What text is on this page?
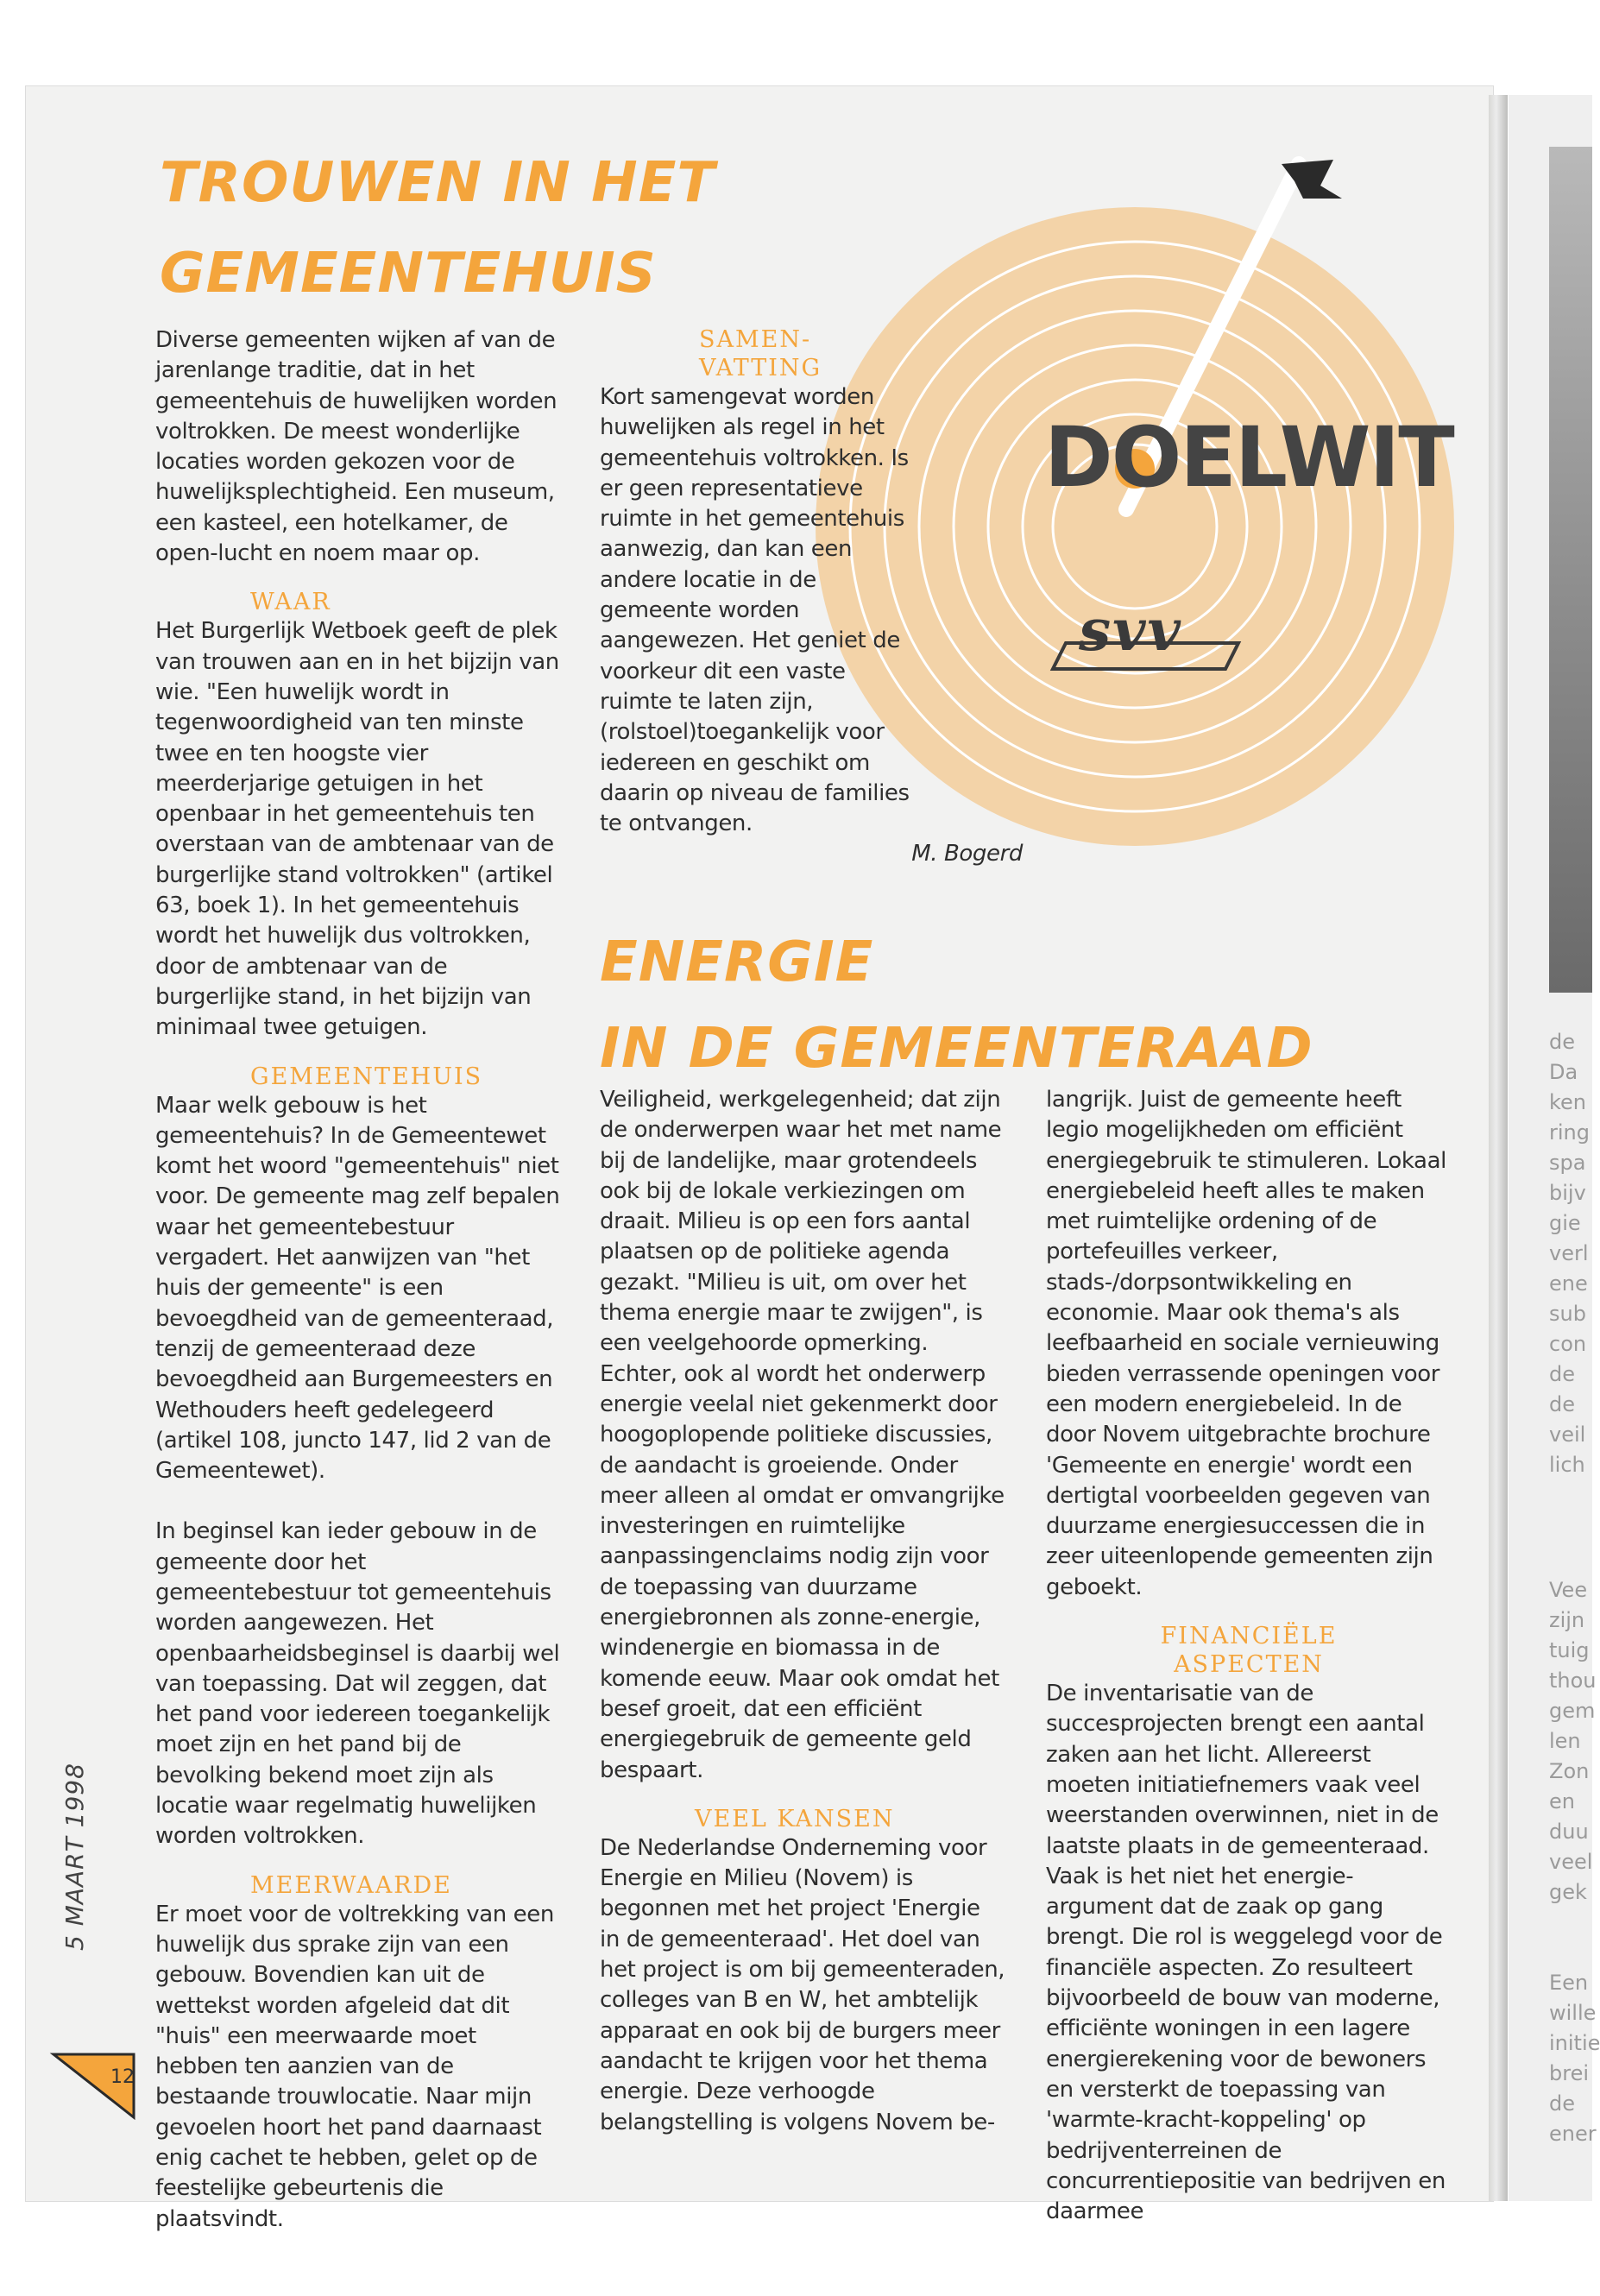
de
Da
ken
ring
spa
bijv
gie
verl
ene
sub
con
de
de
veil
lich
Vee
zijn
tuig
thou
gem
len
Zon
en
duu
veel
gek
Een
wille
initie
brei
de
ener
TROUWEN IN HET
GEMEENTEHUIS
DOELWIT
svv

Diverse gemeenten wijken af van de jarenlange traditie, dat in het gemeentehuis de huwelijken worden voltrokken. De meest wonderlijke locaties worden gekozen voor de huwelijksplechtigheid. Een museum, een kasteel, een hotelkamer, de open-lucht en noem maar op.

WAAR

Het Burgerlijk Wetboek geeft de plek van trouwen aan en in het bijzijn van wie. "Een huwelijk wordt in tegenwoordigheid van ten minste twee en ten hoogste vier meerderjarige getuigen in het openbaar in het gemeentehuis ten overstaan van de ambtenaar van de burgerlijke stand voltrokken" (artikel 63, boek 1). In het gemeentehuis wordt het huwelijk dus voltrokken, door de ambtenaar van de burgerlijke stand, in het bijzijn van minimaal twee getuigen.

GEMEENTEHUIS

Maar welk gebouw is het gemeentehuis? In de Gemeentewet komt het woord "gemeentehuis" niet voor. De gemeente mag zelf bepalen waar het gemeentebestuur vergadert. Het aanwijzen van "het huis der gemeente" is een bevoegdheid van de gemeenteraad, tenzij de gemeenteraad deze bevoegdheid aan Burgemeesters en Wethouders heeft gedelegeerd (artikel 108, juncto 147, lid 2 van de Gemeentewet).

In beginsel kan ieder gebouw in de gemeente door het gemeentebestuur tot gemeentehuis worden aangewezen. Het openbaarheidsbeginsel is daarbij wel van toepassing. Dat wil zeggen, dat het pand voor iedereen toegankelijk moet zijn en het pand bij de bevolking bekend moet zijn als locatie waar regelmatig huwelijken worden voltrokken.

MEERWAARDE

Er moet voor de voltrekking van een huwelijk dus sprake zijn van een gebouw. Bovendien kan uit de wettekst worden afgeleid dat dit "huis" een meerwaarde moet hebben ten aanzien van de bestaande trouwlocatie. Naar mijn gevoelen hoort het pand daarnaast enig cachet te hebben, gelet op de feestelijke gebeurtenis die plaatsvindt.

SAMEN-
VATTING

Kort samengevat worden huwelijken als regel in het gemeentehuis voltrokken. Is er geen representatieve ruimte in het gemeentehuis aanwezig, dan kan een andere locatie in de gemeente worden aangewezen. Het geniet de voorkeur dit een vaste ruimte te laten zijn, (rolstoel)toegankelijk voor iedereen en geschikt om daarin op niveau de families te ontvangen.

M. Bogerd

ENERGIE
IN DE GEMEENTERAAD

Veiligheid, werkgelegenheid; dat zijn de onderwerpen waar het met name bij de landelijke, maar grotendeels ook bij de lokale verkiezingen om draait. Milieu is op een fors aantal plaatsen op de politieke agenda gezakt. "Milieu is uit, om over het thema energie maar te zwijgen", is een veelgehoorde opmerking.

Echter, ook al wordt het onderwerp energie veelal niet gekenmerkt door hoogoplopende politieke discussies, de aandacht is groeiende. Onder meer alleen al omdat er omvangrijke investeringen en ruimtelijke aanpassingenclaims nodig zijn voor de toepassing van duurzame energiebronnen als zonne-energie, windenergie en biomassa in de komende eeuw. Maar ook omdat het besef groeit, dat een efficiënt energiegebruik de gemeente geld bespaart.

VEEL KANSEN

De Nederlandse Onderneming voor Energie en Milieu (Novem) is begonnen met het project 'Energie in de gemeenteraad'. Het doel van het project is om bij gemeenteraden, colleges van B en W, het ambtelijk apparaat en ook bij de burgers meer aandacht te krijgen voor het thema energie. Deze verhoogde belangstelling is volgens Novem be-

langrijk. Juist de gemeente heeft legio mogelijkheden om efficiënt energiegebruik te stimuleren. Lokaal energiebeleid heeft alles te maken met ruimtelijke ordening of de portefeuilles verkeer, stads-/dorpsontwikkeling en economie. Maar ook thema's als leefbaarheid en sociale vernieuwing bieden verrassende openingen voor een modern energiebeleid. In de door Novem uitgebrachte brochure 'Gemeente en energie' wordt een dertigtal voorbeelden gegeven van duurzame energiesuccessen die in zeer uiteenlopende gemeenten zijn geboekt.

FINANCIËLE
ASPECTEN

De inventarisatie van de succesprojecten brengt een aantal zaken aan het licht. Allereerst moeten initiatiefnemers vaak veel weerstanden overwinnen, niet in de laatste plaats in de gemeenteraad. Vaak is het niet het energie-argument dat de zaak op gang brengt. Die rol is weggelegd voor de financiële aspecten. Zo resulteert bijvoorbeeld de bouw van moderne, efficiënte woningen in een lagere energierekening voor de bewoners en versterkt de toepassing van 'warmte-kracht-koppeling' op bedrijventerreinen de concurrentiepositie van bedrijven en daarmee

5 MAART 1998
12
